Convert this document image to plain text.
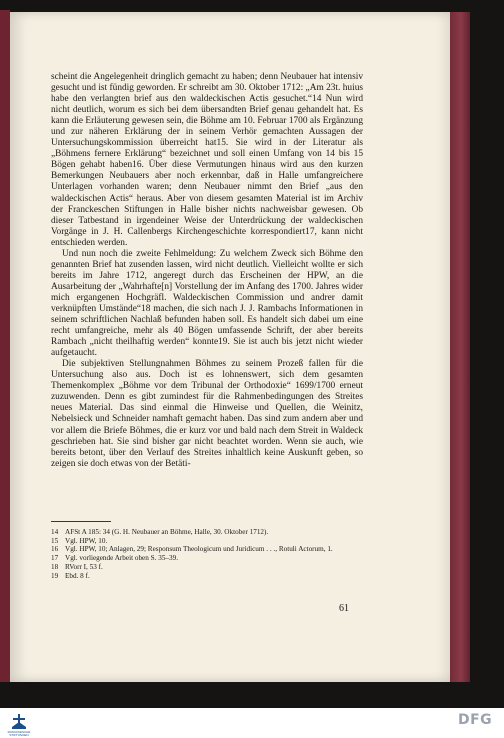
scheint die Angelegenheit dringlich gemacht zu haben; denn Neubauer hat intensiv gesucht und ist fündig geworden. Er schreibt am 30. Oktober 1712: „Am 23t. huius habe den verlangten brief aus den waldeckischen Actis gesuchet.“14 Nun wird nicht deutlich, worum es sich bei dem übersandten Brief genau gehandelt hat. Es kann die Erläuterung gewesen sein, die Böhme am 10. Februar 1700 als Ergänzung und zur näheren Erklärung der in seinem Verhör gemachten Aussagen der Untersuchungskommission überreicht hat15. Sie wird in der Literatur als „Böhmens fernere Erklärung“ bezeichnet und soll einen Umfang von 14 bis 15 Bögen gehabt haben16. Über diese Vermutungen hinaus wird aus den kurzen Bemerkungen Neubauers aber noch erkennbar, daß in Halle umfangreichere Unterlagen vorhanden waren; denn Neubauer nimmt den Brief „aus den waldeckischen Actis“ heraus. Aber von diesem gesamten Material ist im Archiv der Franckeschen Stiftungen in Halle bisher nichts nachweisbar gewesen. Ob dieser Tatbestand in irgendeiner Weise der Unterdrückung der waldeckischen Vorgänge in J. H. Callenbergs Kirchengeschichte korrespondiert17, kann nicht entschieden werden.

Und nun noch die zweite Fehlmeldung: Zu welchem Zweck sich Böhme den genannten Brief hat zusenden lassen, wird nicht deutlich. Vielleicht wollte er sich bereits im Jahre 1712, angeregt durch das Erscheinen der HPW, an die Ausarbeitung der „Wahrhafte[n] Vorstellung der im Anfang des 1700. Jahres wider mich ergangenen Hochgräfl. Waldeckischen Commission und andrer damit verknüpften Umstände“18 machen, die sich nach J. J. Rambachs Informationen in seinem schriftlichen Nachlaß befunden haben soll. Es handelt sich dabei um eine recht umfangreiche, mehr als 40 Bögen umfassende Schrift, der aber bereits Rambach „nicht theilhaftig werden“ konnte19. Sie ist auch bis jetzt nicht wieder aufgetaucht.

Die subjektiven Stellungnahmen Böhmes zu seinem Prozeß fallen für die Untersuchung also aus. Doch ist es lohnenswert, sich dem gesamten Themenkomplex „Böhme vor dem Tribunal der Orthodoxie“ 1699/1700 erneut zuzuwenden. Denn es gibt zumindest für die Rahmenbedingungen des Streites neues Material. Das sind einmal die Hinweise und Quellen, die Weinitz, Nebelsieck und Schneider namhaft gemacht haben. Das sind zum andern aber und vor allem die Briefe Böhmes, die er kurz vor und bald nach dem Streit in Waldeck geschrieben hat. Sie sind bisher gar nicht beachtet worden. Wenn sie auch, wie bereits betont, über den Verlauf des Streites inhaltlich keine Auskunft geben, so zeigen sie doch etwas von der Betäti-

14 AFSt A 185: 34 (G. H. Neubauer an Böhme, Halle, 30. Oktober 1712).
15 Vgl. HPW, 10.
16 Vgl. HPW, 10; Anlagen, 29; Responsum Theologicum und Juridicum . . ., Rotuli Actorum, 1.
17 Vgl. vorliegende Arbeit oben S. 35–39.
18 RVorr I, 53 f.
19 Ebd. 8 f.
61
FRANCKESCHE STIFTUNGEN
DFG
